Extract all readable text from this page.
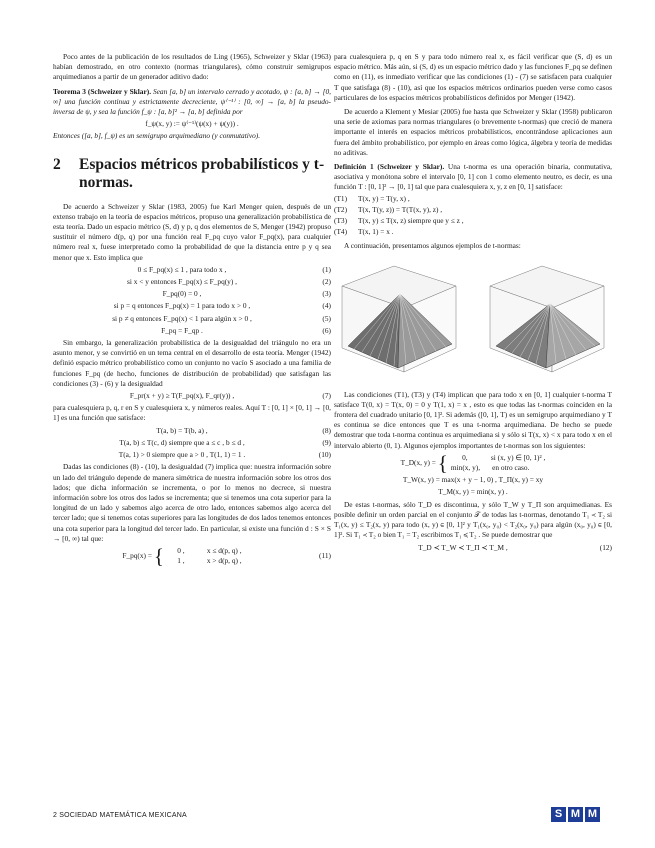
Poco antes de la publicación de los resultados de Ling (1965), Schweizer y Sklar (1963) habían demostrado, en otro contexto (normas triangulares), cómo construir semigrupos arquimedianos a partir de un generador aditivo dado:

Teorema 3 (Schweizer y Sklar). Sean [a, b] un intervalo cerrado y acotado, ψ : [a, b] → [0, ∞] una función continua y estrictamente decreciente, ψ⁽⁻¹⁾ : [0, ∞] → [a, b] la pseudo-inversa de ψ, y sea la función f_ψ : [a, b]² → [a, b] definida por

f_ψ(x, y) := ψ⁽⁻¹⁾(ψ(x) + ψ(y)) .

Entonces ([a, b], f_ψ) es un semigrupo arquimediano (y conmutativo).

2	Espacios métricos probabilísticos y t-normas.

De acuerdo a Schweizer y Sklar (1983, 2005) fue Karl Menger quien, después de un extenso trabajo en la teoría de espacios métricos, propuso una generalización probabilística de esta teoría. Dado un espacio métrico (S, d) y p, q dos elementos de S, Menger (1942) propuso sustituir el número d(p, q) por una función real F_pq cuyo valor F_pq(x), para cualquier número real x, fuese interpretado como la probabilidad de que la distancia entre p y q sea menor que x. Esto implica que

0 ≤ F_pq(x) ≤ 1 , para todo x ,	(1)
si x < y entonces F_pq(x) ≤ F_pq(y) ,	(2)
F_pq(0) = 0 ,	(3)
si p = q entonces F_pq(x) = 1 para todo x > 0 ,	(4)
si p ≠ q entonces F_pq(x) < 1 para algún x > 0 ,	(5)
F_pq = F_qp .	(6)

Sin embargo, la generalización probabilística de la desigualdad del triángulo no era un asunto menor, y se convirtió en un tema central en el desarrollo de esta teoría. Menger (1942) definió espacio métrico probabilístico como un conjunto no vacío S asociado a una familia de funciones F_pq (de hecho, funciones de distribución de probabilidad) que satisfagan las condiciones (3) - (6) y la desigualdad

F_pr(x + y) ≥ T(F_pq(x), F_qr(y)) ,	(7)

para cualesquiera p, q, r en S y cualesquiera x, y números reales. Aquí T : [0, 1] × [0, 1] → [0, 1] es una función que satisface:

T(a, b) = T(b, a) ,	(8)
T(a, b) ≤ T(c, d) siempre que a ≤ c , b ≤ d ,	(9)
T(a, 1) > 0 siempre que a > 0 , T(1, 1) = 1 .	(10)

Dadas las condiciones (8) - (10), la desigualdad (7) implica que: nuestra información sobre un lado del triángulo depende de manera simétrica de nuestra información sobre los otros dos lados; que dicha información se incrementa, o por lo menos no decrece, si nuestra información sobre los otros dos lados se incrementa; que si tenemos una cota superior para la longitud de un lado y sabemos algo acerca de otro lado, entonces sabemos algo acerca del tercer lado; que si tenemos cotas superiores para las longitudes de dos lados tenemos entonces una cota superior para la longitud del tercer lado. En particular, si existe una función d : S × S → [0, ∞) tal que:

F_pq(x) = {	0 ,	x ≤ d(p, q) ,
1 ,	x > d(p, q) ,
(11)

para cualesquiera p, q en S y para todo número real x, es fácil verificar que (S, d) es un espacio métrico. Más aún, si (S, d) es un espacio métrico dado y las funciones F_pq se definen como en (11), es inmediato verificar que las condiciones (1) - (7) se satisfacen para cualquier T que satisfaga (8) - (10), así que los espacios métricos ordinarios pueden verse como casos particulares de los espacios métricos probabilísticos definidos por Menger (1942).

De acuerdo a Klement y Mesiar (2005) fue hasta que Schweizer y Sklar (1958) publicaron una serie de axiomas para normas triangulares (o brevemente t-normas) que creció de manera importante el interés en espacios métricos probabilísticos, encontrándose aplicaciones aun fuera del ámbito probabilístico, por ejemplo en áreas como lógica, álgebra y teoría de medidas no aditivas.

Definición 1 (Schweizer y Sklar). Una t-norma es una operación binaria, conmutativa, asociativa y monótona sobre el intervalo [0, 1] con 1 como elemento neutro, es decir, es una función T : [0, 1]² → [0, 1] tal que para cualesquiera x, y, z en [0, 1] satisface:

(T1)	T(x, y) = T(y, x) ,
(T2)	T(x, T(y, z)) = T(T(x, y), z) ,
(T3)	T(x, y) ≤ T(x, z) siempre que y ≤ z ,
(T4)	T(x, 1) = x .

A continuación, presentamos algunos ejemplos de t-normas:

Las condiciones (T1), (T3) y (T4) implican que para todo x en [0, 1] cualquier t-norma T satisface T(0, x) = T(x, 0) = 0 y T(1, x) = x , esto es que todas las t-normas coinciden en la frontera del cuadrado unitario [0, 1]². Si además ([0, 1], T) es un semigrupo arquimediano y T es continua se dice entonces que T es una t-norma arquimediana. De hecho se puede demostrar que toda t-norma continua es arquimediana si y sólo si T(x, x) < x para todo x en el intervalo abierto (0, 1). Algunos ejemplos importantes de t-normas son los siguientes:

T_D(x, y) = {	0,	si (x, y) ∈ [0, 1)² ,
min(x, y), en otro caso.
T_W(x, y) = max(x + y − 1, 0) , T_Π(x, y) = xy
T_M(x, y) = min(x, y) .

De estas t-normas, sólo T_D es discontinua, y sólo T_W y T_Π son arquimedianas. Es posible definir un orden parcial en el conjunto 𝒯 de todas las t-normas, denotando T₁ ≺ T₂ si T₁(x, y) ≤ T₂(x, y) para todo (x, y) ∈ [0, 1]² y T₁(x₀, y₀) < T₂(x₀, y₀) para algún (x₀, y₀) ∈ [0, 1]². Si T₁ ≺ T₂ o bien T₁ = T₂ escribimos T₁ ≼ T₂ . Se puede demostrar que

T_D ≺ T_W ≺ T_Π ≺ T_M ,	(12)
2 SOCIEDAD MATEMÁTICA MEXICANA	S M M
